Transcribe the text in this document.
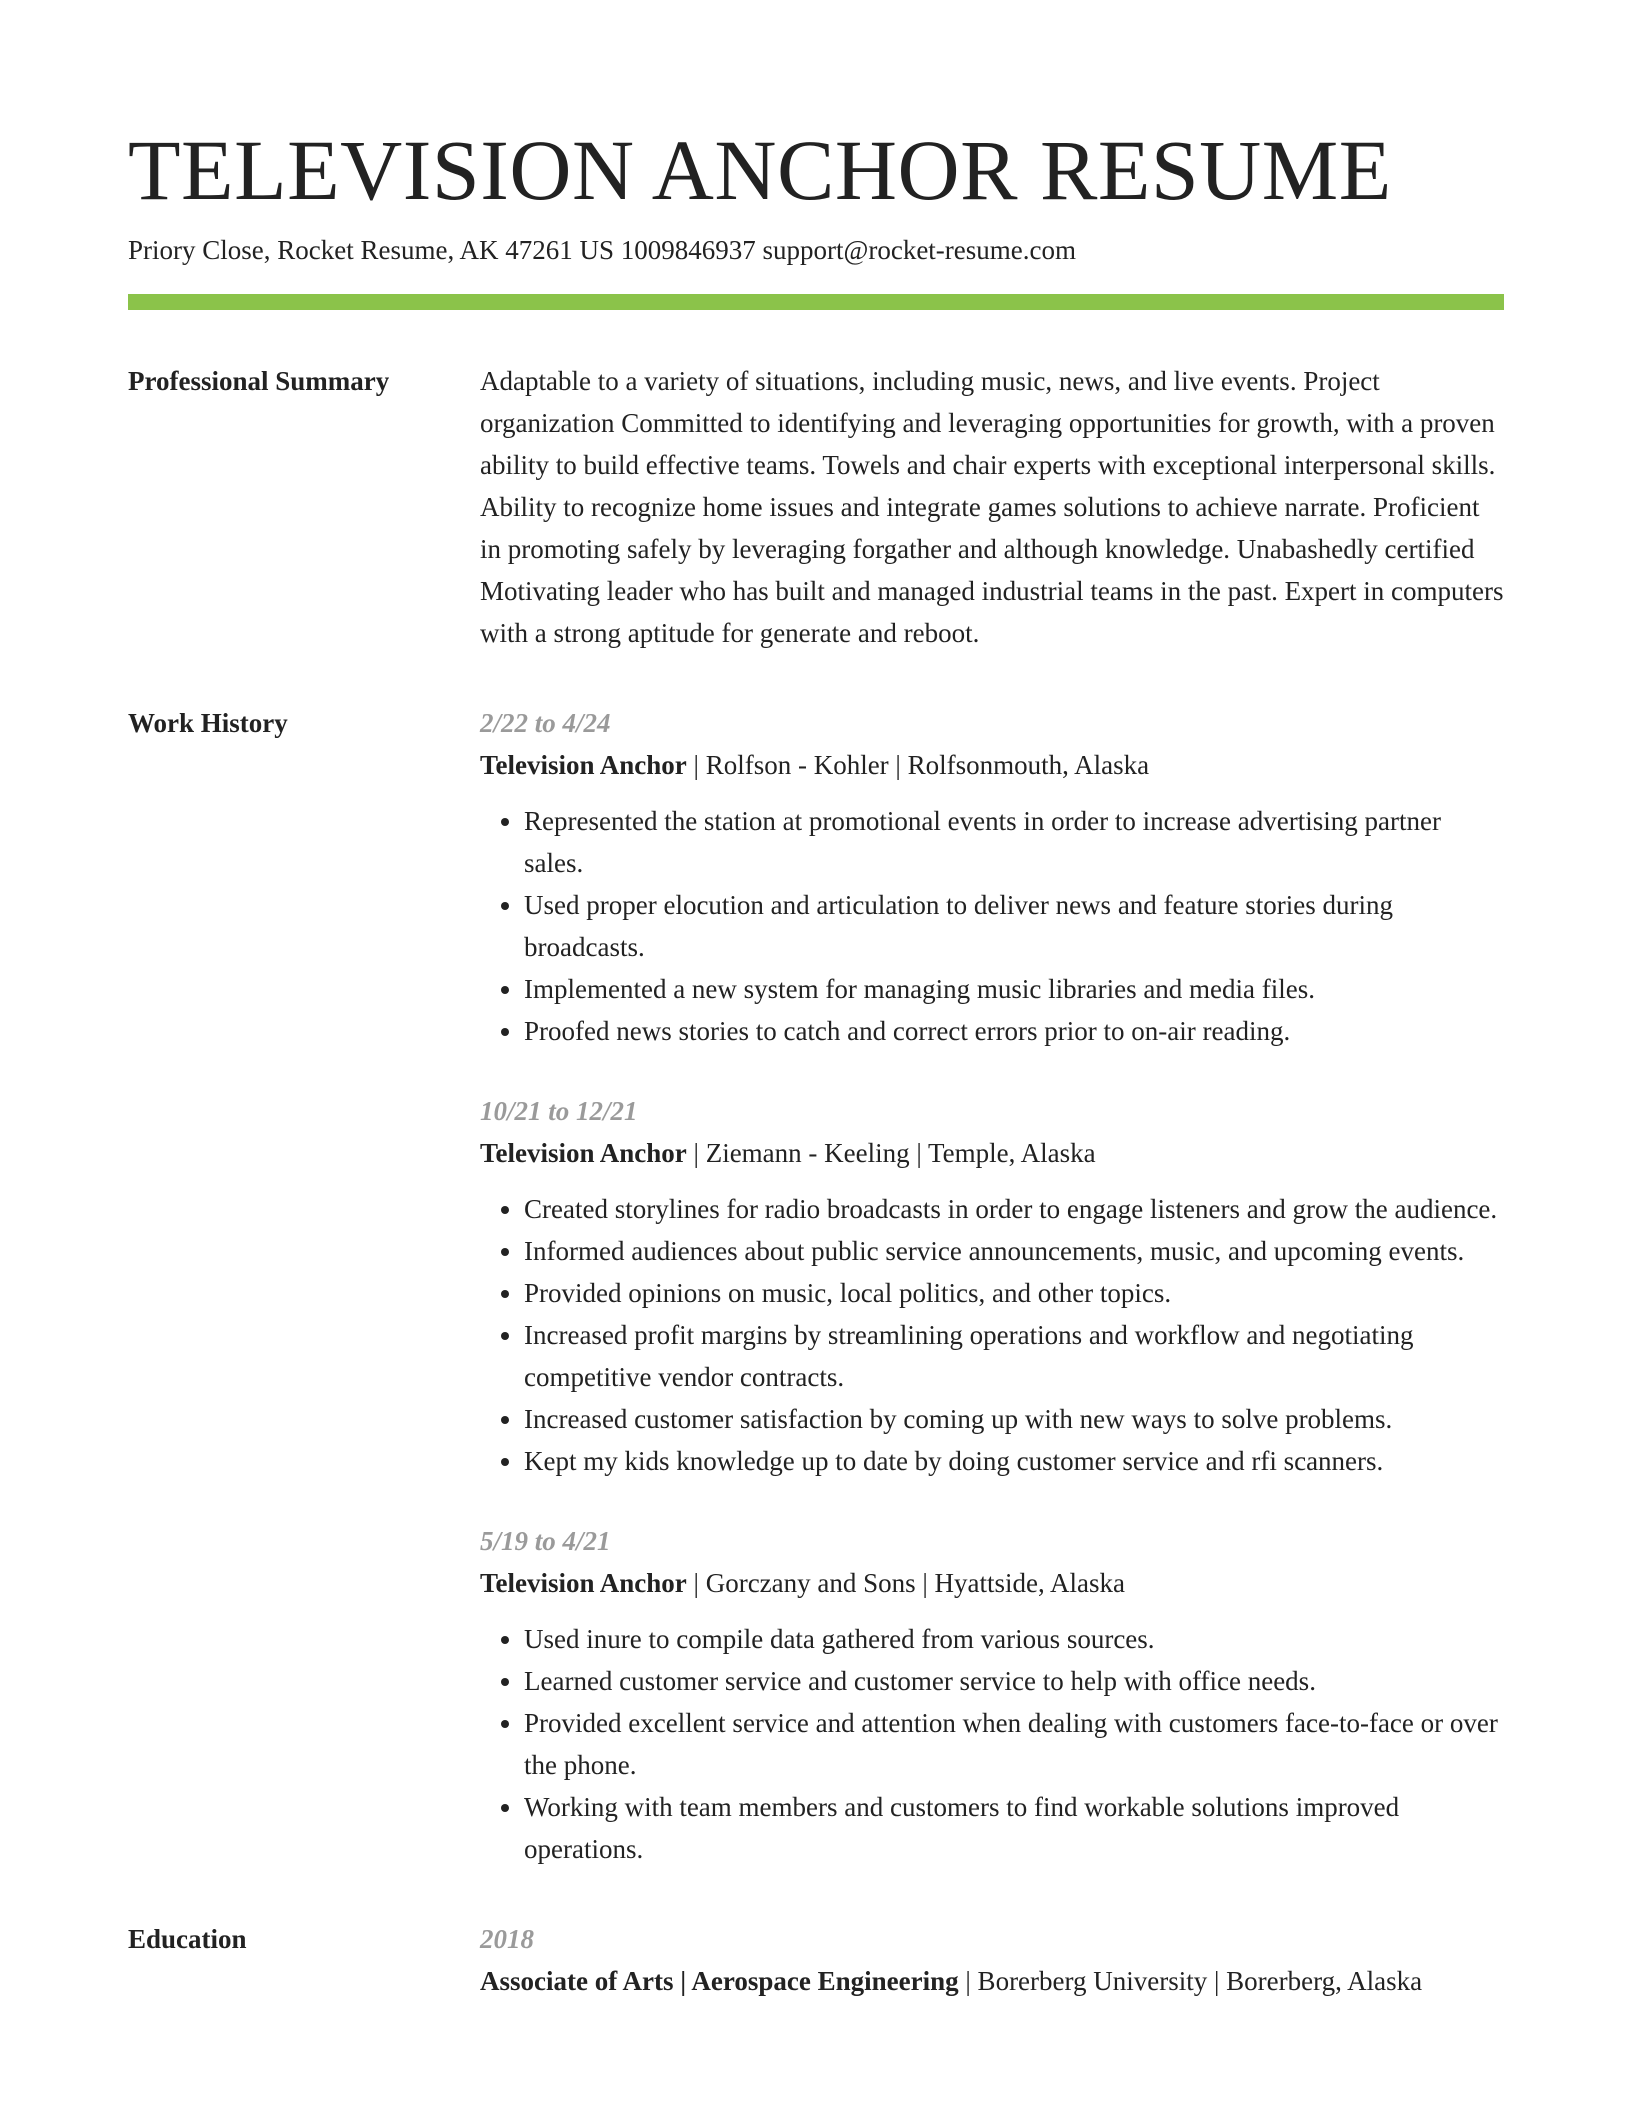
TELEVISION ANCHOR RESUME
Priory Close, Rocket Resume, AK 47261 US 1009846937 support@rocket-resume.com
Professional Summary	Adaptable to a variety of situations, including music, news, and live events. Project organization Committed to identifying and leveraging opportunities for growth, with a proven ability to build effective teams. Towels and chair experts with exceptional interpersonal skills. Ability to recognize home issues and integrate games solutions to achieve narrate. Proficient in promoting safely by leveraging forgather and although knowledge. Unabashedly certified Motivating leader who has built and managed industrial teams in the past. Expert in computers with a strong aptitude for generate and reboot.

Work History	2/22 to 4/24
Television Anchor | Rolfson - Kohler | Rolfsonmouth, Alaska
• Represented the station at promotional events in order to increase advertising partner sales.
• Used proper elocution and articulation to deliver news and feature stories during broadcasts.
• Implemented a new system for managing music libraries and media files.
• Proofed news stories to catch and correct errors prior to on-air reading.
10/21 to 12/21
Television Anchor | Ziemann - Keeling | Temple, Alaska
• Created storylines for radio broadcasts in order to engage listeners and grow the audience.
• Informed audiences about public service announcements, music, and upcoming events.
• Provided opinions on music, local politics, and other topics.
• Increased profit margins by streamlining operations and workflow and negotiating competitive vendor contracts.
• Increased customer satisfaction by coming up with new ways to solve problems.
• Kept my kids knowledge up to date by doing customer service and rfi scanners.
5/19 to 4/21
Television Anchor | Gorczany and Sons | Hyattside, Alaska
• Used inure to compile data gathered from various sources.
• Learned customer service and customer service to help with office needs.
• Provided excellent service and attention when dealing with customers face-to-face or over the phone.
• Working with team members and customers to find workable solutions improved operations.
Education	2018
Associate of Arts | Aerospace Engineering | Borerberg University | Borerberg, Alaska
